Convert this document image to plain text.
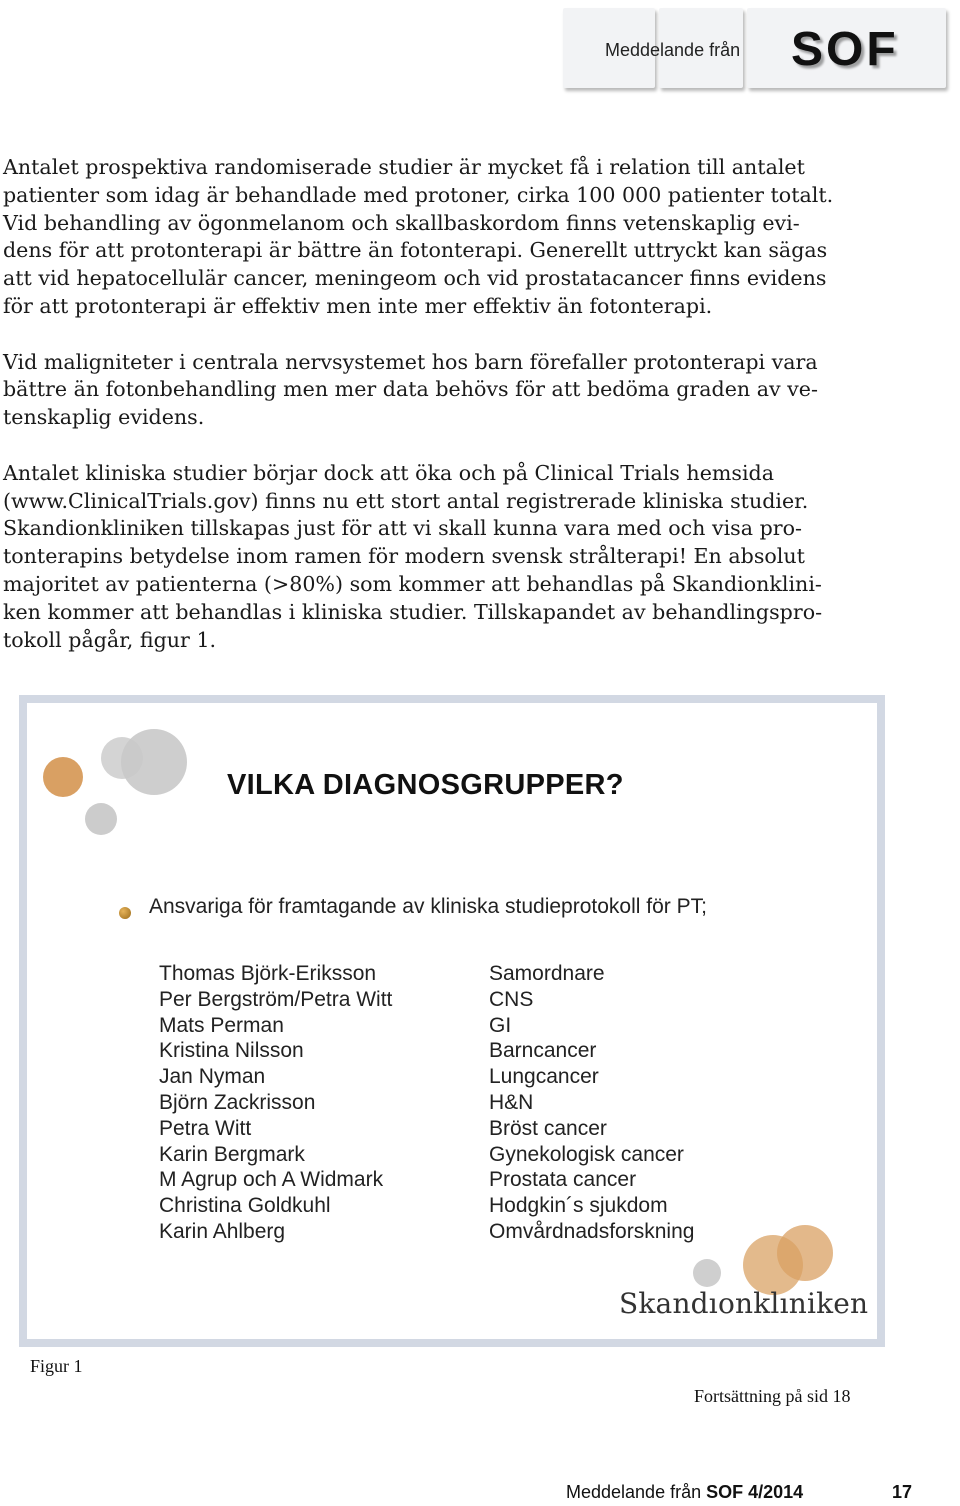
Meddelande från SOF

Antalet prospektiva randomiserade studier är mycket få i relation till antalet
patienter som idag är behandlade med protoner, cirka 100 000 patienter totalt.
Vid behandling av ögonmelanom och skallbaskordom finns vetenskaplig evi-
dens för att protonterapi är bättre än fotonterapi. Generellt uttryckt kan sägas
att vid hepatocellulär cancer, meningeom och vid prostatacancer finns evidens
för att protonterapi är effektiv men inte mer effektiv än fotonterapi.

Vid maligniteter i centrala nervsystemet hos barn förefaller protonterapi vara
bättre än fotonbehandling men mer data behövs för att bedöma graden av ve-
tenskaplig evidens.

Antalet kliniska studier börjar dock att öka och på Clinical Trials hemsida
(www.ClinicalTrials.gov) finns nu ett stort antal registrerade kliniska studier.
Skandionkliniken tillskapas just för att vi skall kunna vara med och visa pro-
tonterapins betydelse inom ramen för modern svensk strålterapi! En absolut
majoritet av patienterna (>80%) som kommer att behandlas på Skandionklini-
ken kommer att behandlas i kliniska studier. Tillskapandet av behandlingspro-
tokoll pågår, figur 1.

VILKA DIAGNOSGRUPPER?
Ansvariga för framtagande av kliniska studieprotokoll för PT;
Thomas Björk-Eriksson
Per Bergström/Petra Witt
Mats Perman
Kristina Nilsson
Jan Nyman
Björn Zackrisson
Petra Witt
Karin Bergmark
M Agrup och A Widmark
Christina Goldkuhl
Karin Ahlberg
Samordnare
CNS
GI
Barncancer
Lungcancer
H&N
Bröst cancer
Gynekologisk cancer
Prostata cancer
Hodgkin´s sjukdom
Omvårdnadsforskning
Skandıonklıniken
Figur 1
Fortsättning på sid 18
Meddelande från SOF 4/2014	17
